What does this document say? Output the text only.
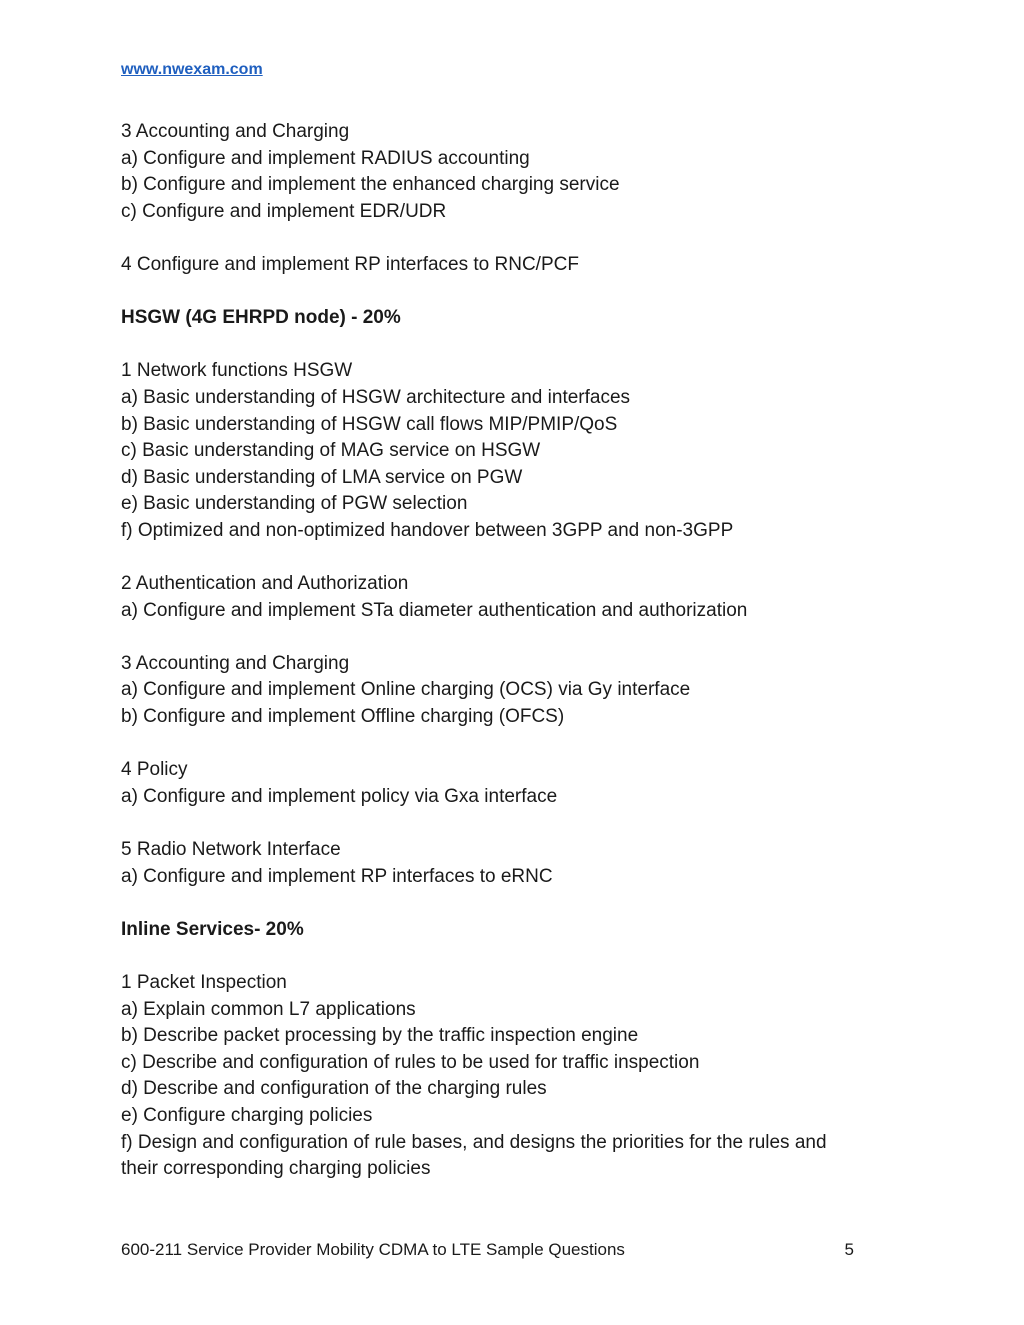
www.nwexam.com
3 Accounting and Charging
a) Configure and implement RADIUS accounting
b) Configure and implement the enhanced charging service
c) Configure and implement EDR/UDR
4 Configure and implement RP interfaces to RNC/PCF
HSGW (4G EHRPD node) - 20%
1 Network functions HSGW
a) Basic understanding of HSGW architecture and interfaces
b) Basic understanding of HSGW call flows MIP/PMIP/QoS
c) Basic understanding of MAG service on HSGW
d) Basic understanding of LMA service on PGW
e) Basic understanding of PGW selection
f) Optimized and non-optimized handover between 3GPP and non-3GPP
2 Authentication and Authorization
a) Configure and implement STa diameter authentication and authorization
3 Accounting and Charging
a) Configure and implement Online charging (OCS) via Gy interface
b) Configure and implement Offline charging (OFCS)
4 Policy
a) Configure and implement policy via Gxa interface
5 Radio Network Interface
a) Configure and implement RP interfaces to eRNC
Inline Services- 20%
1 Packet Inspection
a) Explain common L7 applications
b) Describe packet processing by the traffic inspection engine
c) Describe and configuration of rules to be used for traffic inspection
d) Describe and configuration of the charging rules
e) Configure charging policies
f) Design and configuration of rule bases, and designs the priorities for the rules and
their corresponding charging policies
600-211 Service Provider Mobility CDMA to LTE Sample Questions	5
